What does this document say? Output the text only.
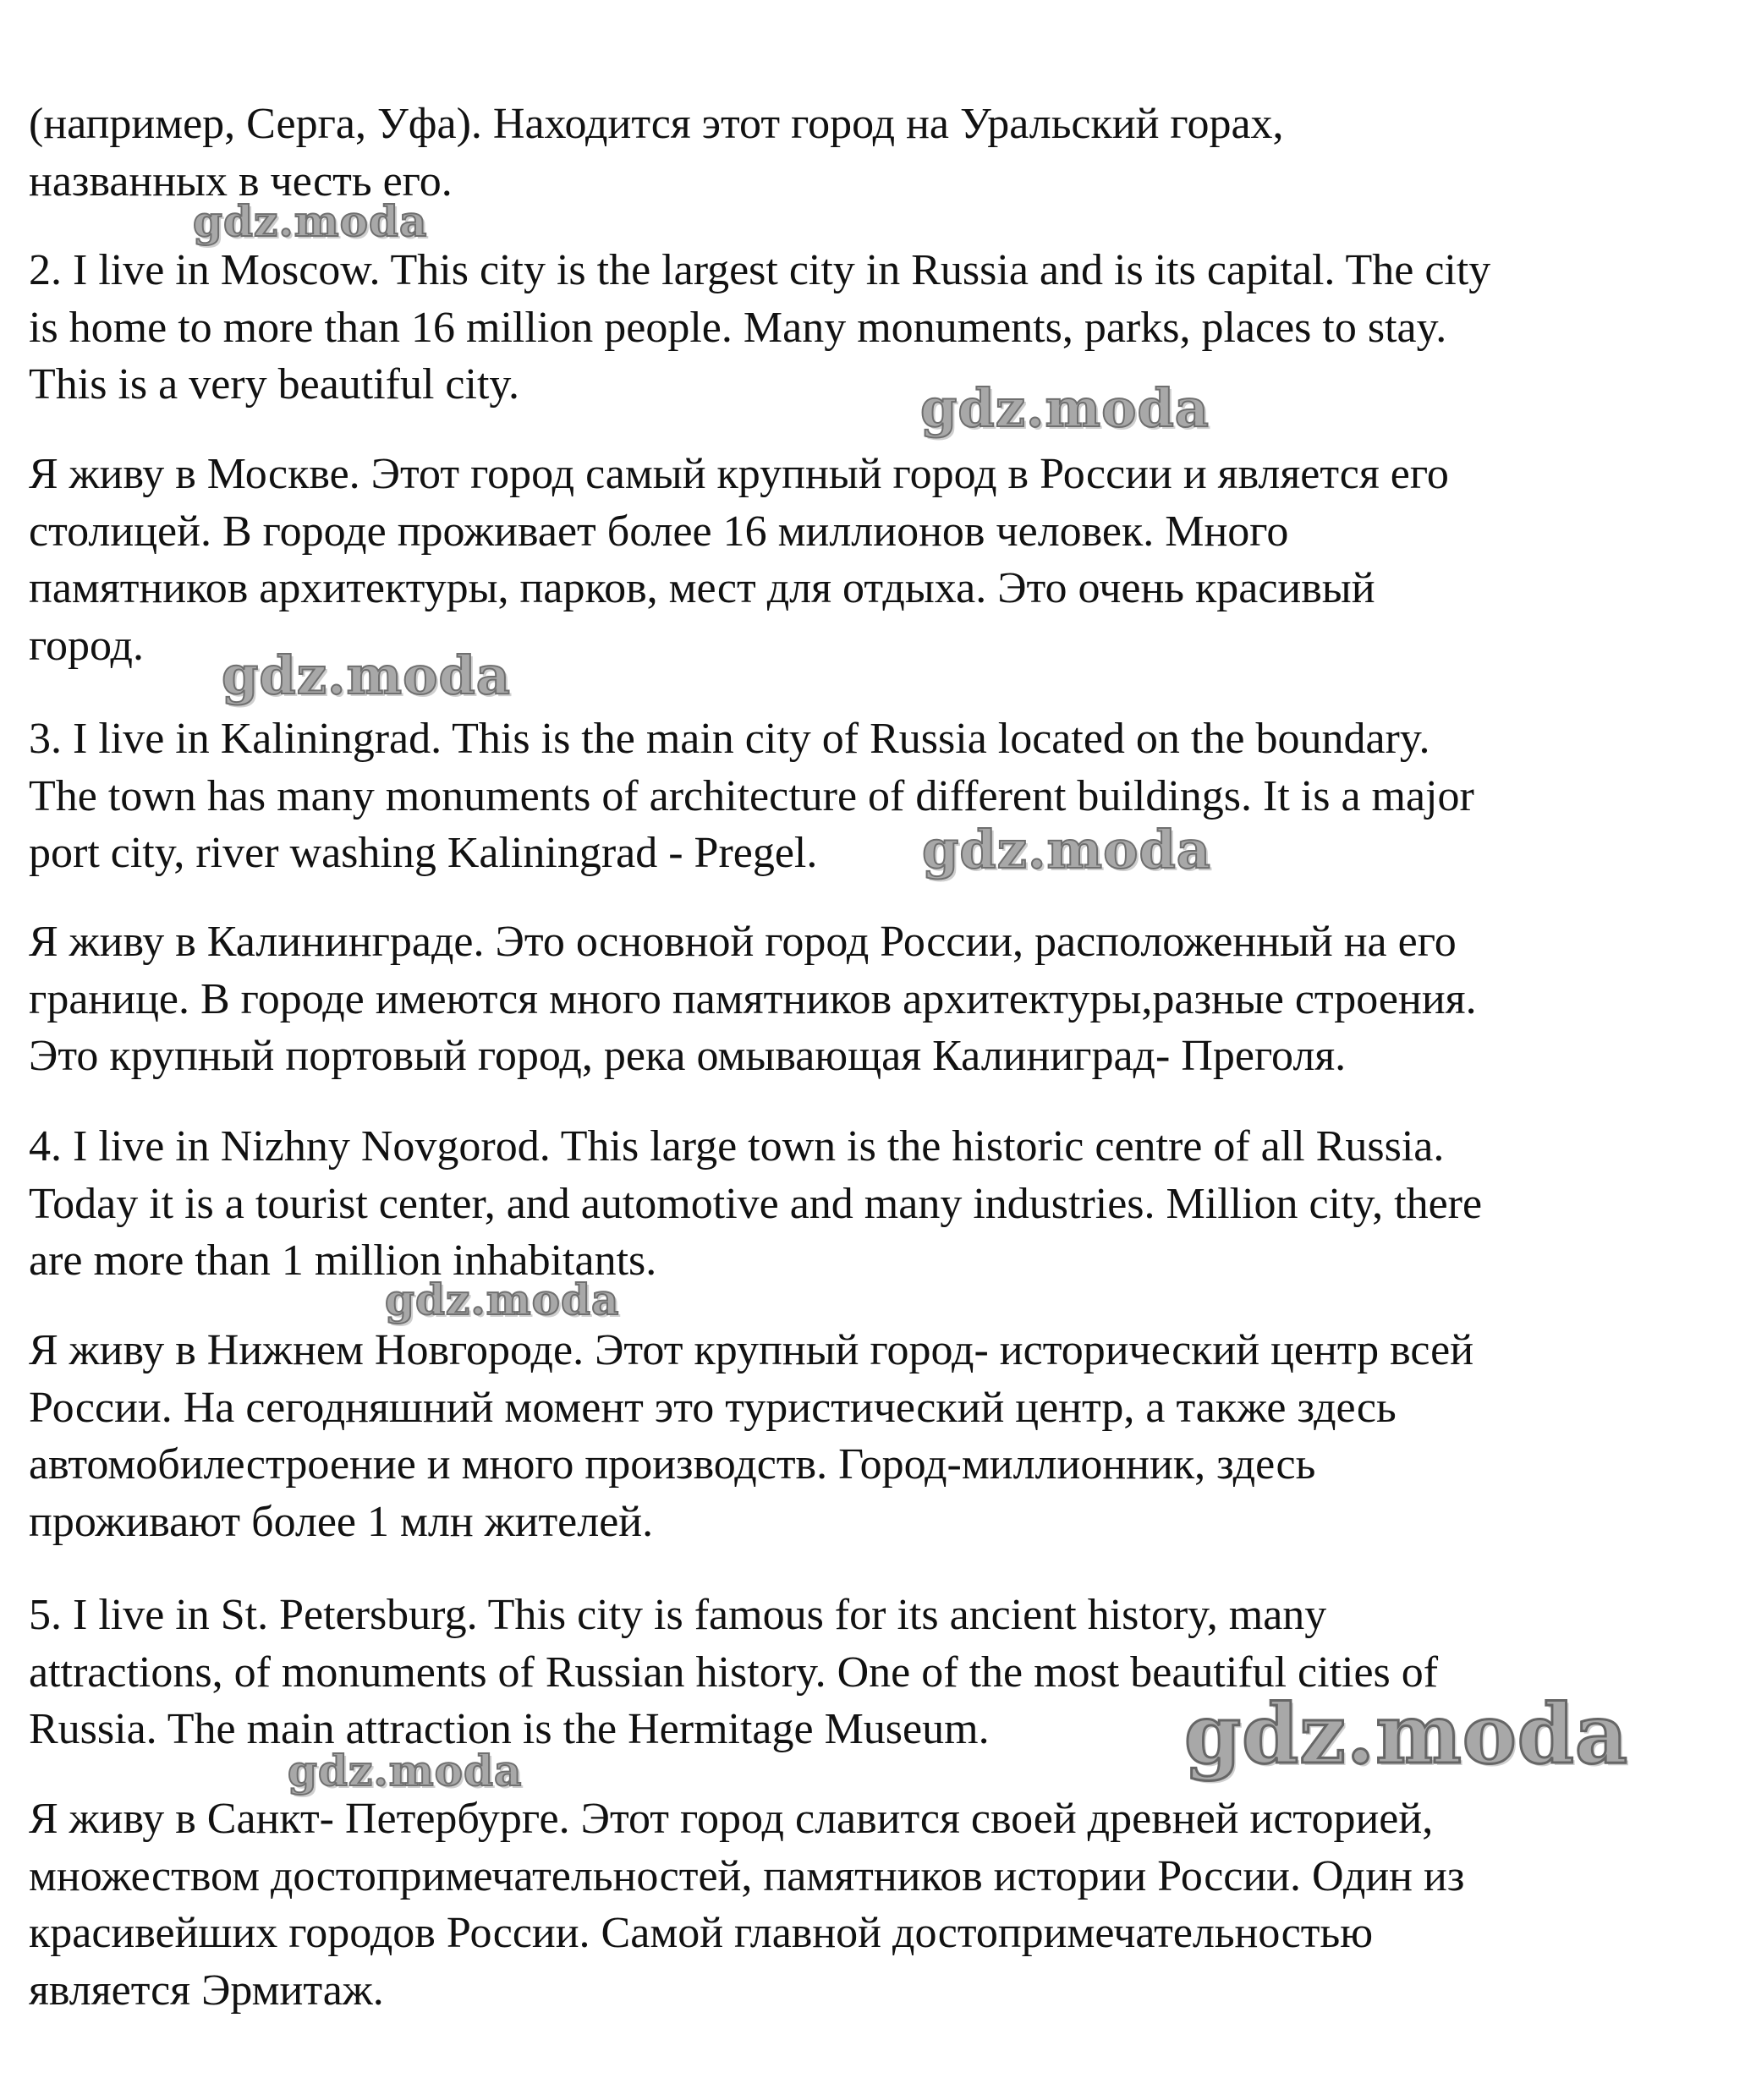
(например, Серга, Уфа). Находится этот город на Уральский горах,
названных в честь его.
2. I live in Moscow. This city is the largest city in Russia and is its capital. The city
is home to more than 16 million people. Many monuments, parks, places to stay.
This is a very beautiful city.
Я живу в Москве. Этот город самый крупный город в России и является его
столицей. В городе проживает более 16 миллионов человек. Много
памятников архитектуры, парков, мест для отдыха. Это очень красивый
город.
3. I live in Kaliningrad. This is the main city of Russia located on the boundary.
The town has many monuments of architecture of different buildings. It is a major
port city, river washing Kaliningrad - Pregel.
Я живу в Калининграде. Это основной город России, расположенный на его
границе. В городе имеются много памятников архитектуры,разные строения.
Это крупный портовый город, река омывающая Калиниград- Преголя.
4. I live in Nizhny Novgorod. This large town is the historic centre of all Russia.
Today it is a tourist center, and automotive and many industries. Million city, there
are more than 1 million inhabitants.
Я живу в Нижнем Новгороде. Этот крупный город- исторический центр всей
России. На сегодняшний момент это туристический центр, а также здесь
автомобилестроение и много производств. Город-миллионник, здесь
проживают более 1 млн жителей.
5. I live in St. Petersburg. This city is famous for its ancient history, many
attractions, of monuments of Russian history. One of the most beautiful cities of
Russia. The main attraction is the Hermitage Museum.
Я живу в Санкт- Петербурге. Этот город славится своей древней историей,
множеством достопримечательностей, памятников истории России. Один из
красивейших городов России. Самой главной достопримечательностью
является Эрмитаж.
gdz.moda
gdz.moda
gdz.moda
gdz.moda
gdz.moda
gdz.moda
gdz.moda
